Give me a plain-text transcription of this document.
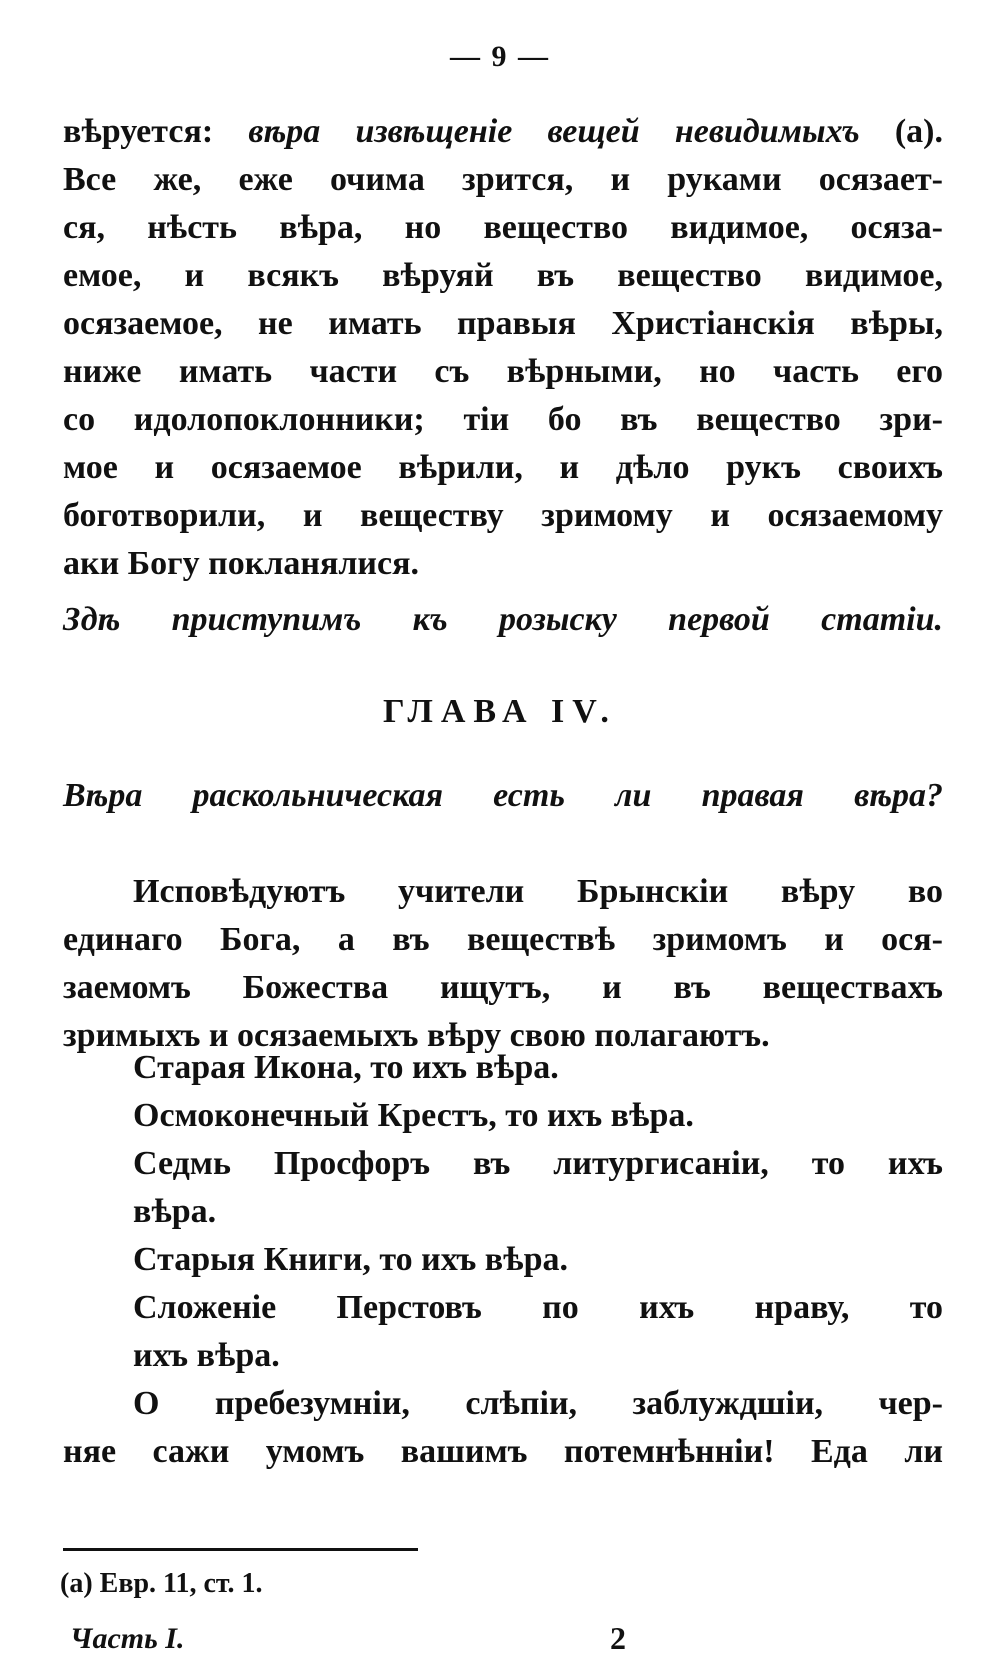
— 9 —
вѣруется: вѣра извѣщеніе вещей невидимыхъ (а).
Все же, еже очима зрится, и руками осязает-
ся, нѣсть вѣра, но вещество видимое, осяза-
емое, и всякъ вѣруяй въ вещество видимое,
осязаемое, не имать правыя Христіанскія вѣры,
ниже имать части съ вѣрными, но часть его
со идолопоклонники; тіи бо въ вещество зри-
мое и осязаемое вѣрили, и дѣло рукъ своихъ
боготворили, и веществу зримому и осязаемому
аки Богу покланялися.
Здѣ приступимъ къ розыску первой статіи.
ГЛАВА IV.
Вѣра раскольническая есть ли правая вѣра?
Исповѣдуютъ учители Брынскіи вѣру во
единаго Бога, а въ веществѣ зримомъ и ося-
заемомъ Божества ищутъ, и въ веществахъ
зримыхъ и осязаемыхъ вѣру свою полагаютъ.
Старая Икона, то ихъ вѣра.
Осмоконечный Крестъ, то ихъ вѣра.
Седмь Просфоръ въ литургисаніи, то ихъ
вѣра.
Старыя Книги, то ихъ вѣра.
Сложеніе Перстовъ по ихъ нраву, то
ихъ вѣра.
О пребезумніи, слѣпіи, заблуждшіи, чер-
няе сажи умомъ вашимъ потемнѣнніи! Еда ли
(а) Евр. 11, ст. 1.
Часть I.	2
